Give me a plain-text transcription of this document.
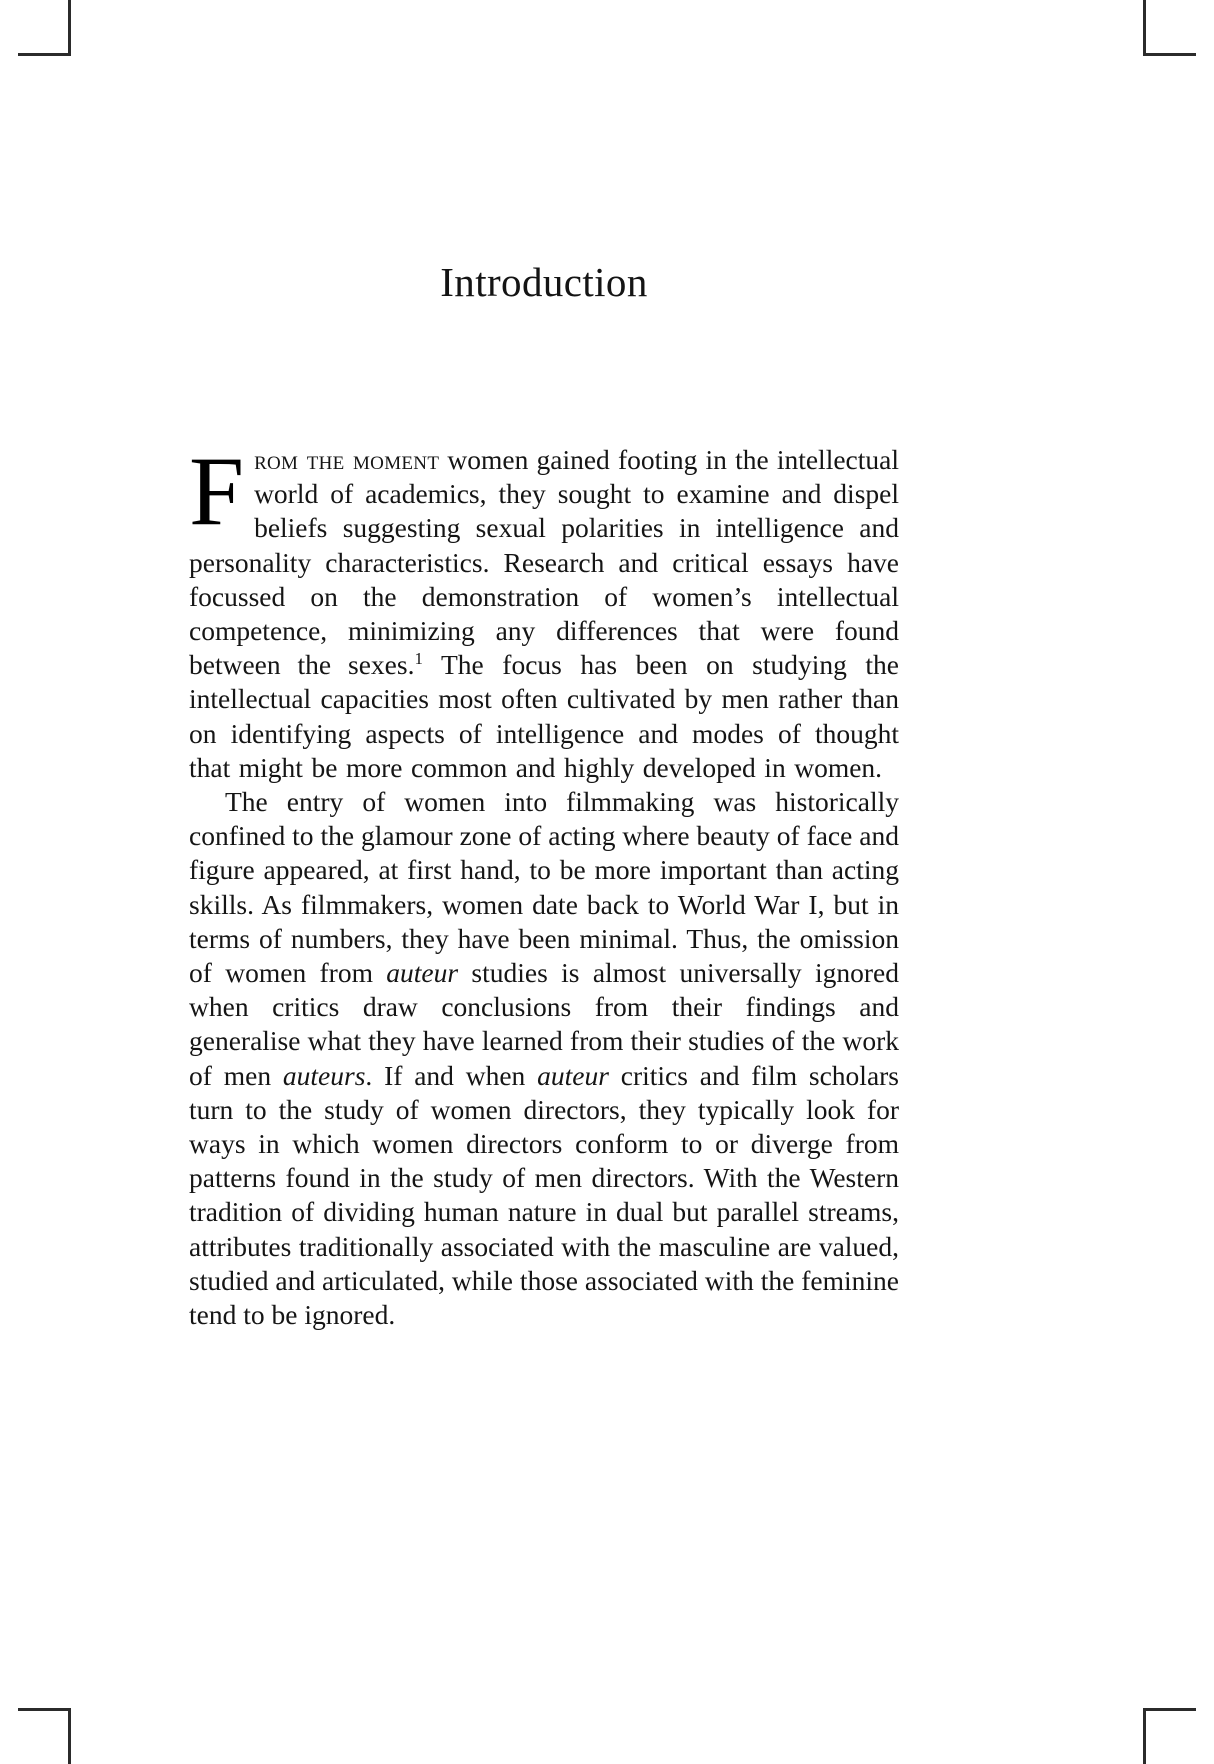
Introduction

From the moment women gained footing in the intellectual world of academics, they sought to examine and dispel beliefs suggesting sexual polarities in intelligence and personality characteristics. Research and critical essays have focussed on the demonstration of women’s intellectual competence, minimizing any differences that were found between the sexes.$^1$ The focus has been on studying the intellectual capacities most often cultivated by men rather than on identifying aspects of intelligence and modes of thought that might be more common and highly developed in women.

The entry of women into filmmaking was historically confined to the glamour zone of acting where beauty of face and figure appeared, at first hand, to be more important than acting skills. As filmmakers, women date back to World War I, but in terms of numbers, they have been minimal. Thus, the omission of women from auteur studies is almost universally ignored when critics draw conclusions from their findings and generalise what they have learned from their studies of the work of men auteurs. If and when auteur critics and film scholars turn to the study of women directors, they typically look for ways in which women directors conform to or diverge from patterns found in the study of men directors. With the Western tradition of dividing human nature in dual but parallel streams, attributes traditionally associated with the masculine are valued, studied and articulated, while those associated with the feminine tend to be ignored.
